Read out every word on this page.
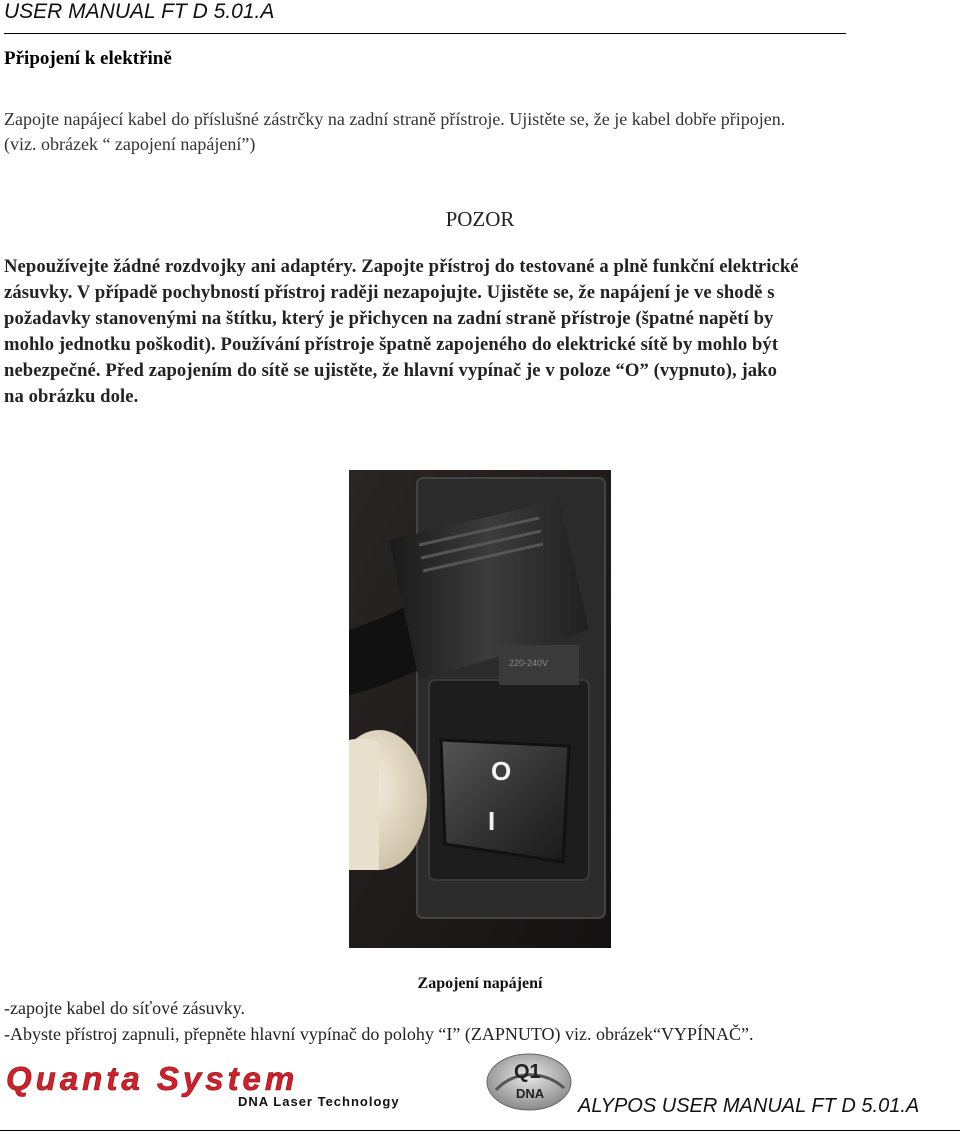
USER MANUAL FT D 5.01.A
Připojení k elektřině
Zapojte napájecí kabel do příslušné zástrčky na zadní straně přístroje. Ujistěte se, že je kabel dobře připojen.
(viz. obrázek “ zapojení napájení”)
POZOR
Nepoužívejte žádné rozdvojky ani adaptéry. Zapojte přístroj do testované a plně funkční elektrické
zásuvky. V případě pochybností přístroj raději nezapojujte. Ujistěte se, že napájení je ve shodě s
požadavky stanovenými na štítku, který je přichycen na zadní straně přístroje (špatné napětí by
mohlo jednotku poškodit). Používání přístroje špatně zapojeného do elektrické sítě by mohlo být
nebezpečné. Před zapojením do sítě se ujistěte, že hlavní vypínač je v poloze “O” (vypnuto), jako
na obrázku dole.
220-240V
O
I
Zapojení napájení
-zapojte kabel do síťové zásuvky.
-Abyste přístroj zapnuli, přepněte hlavní vypínač do polohy “I” (ZAPNUTO) viz. obrázek“VYPÍNAČ”.
Quanta System
DNA Laser Technology
Q1
DNA
ALYPOS USER MANUAL FT D 5.01.A
